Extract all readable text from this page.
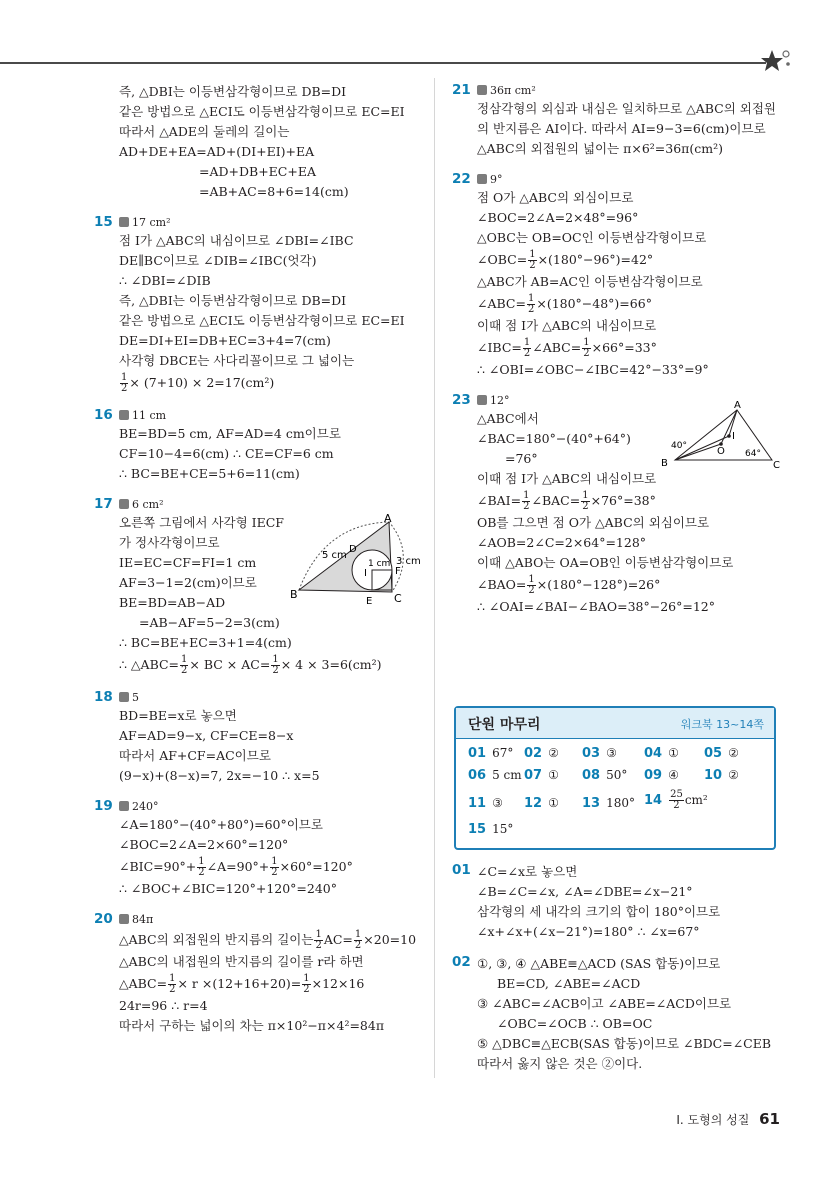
즉, △DBI는 이등변삼각형이므로 DB=DI
같은 방법으로 △ECI도 이등변삼각형이므로 EC=EI
따라서 △ADE의 둘레의 길이는
AD+DE+EA=AD+(DI+EI)+EA
=AD+DB+EC+EA
=AB+AC=8+6=14(cm)
15	17 cm²
점 I가 △ABC의 내심이므로 ∠DBI=∠IBC
DE∥BC이므로 ∠DIB=∠IBC(엇각)
∴ ∠DBI=∠DIB
즉, △DBI는 이등변삼각형이므로 DB=DI
같은 방법으로 △ECI도 이등변삼각형이므로 EC=EI
DE=DI+EI=DB+EC=3+4=7(cm)
사각형 DBCE는 사다리꼴이므로 그 넓이는
$\frac{1}{2} \times (7+10) \times 2=17(cm^2)$
16	11 cm
BE=BD=5 cm, AF=AD=4 cm이므로
CF=10−4=6(cm) ∴ CE=CF=6 cm
∴ BC=BE+CE=5+6=11(cm)
17	6 cm²
오른쪽 그림에서 사각형 IECF
가 정사각형이므로
IE=EC=CF=FI=1 cm
AF=3−1=2(cm)이므로
BE=BD=AB−AD
=AB−AF=5−2=3(cm)
∴ BC=BE+EC=3+1=4(cm)
∴ △ABC= $\frac{1}{2}$ × BC × $AC= \frac{1}{2} \times 4 \times 3=6(cm^2)$
A
B	C
D
E
F
I
5 cm
1 cm 3 cm
18	5
BD=BE=x로 놓으면
AF=AD=9−x, CF=CE=8−x
따라서 AF+CF=AC이므로
(9−x)+(8−x)=7, 2x=−10 ∴ x=5
19	240°
∠A=180°−(40°+80°)=60°이므로
∠BOC=2∠A=2×60°=120°
∠BIC=90°+ $\frac{1}{2}$ ∠A=90°+ $\frac{1}{2} \times 60^\circ=120^\circ$
∴ ∠BOC+∠BIC=120°+120°=240°
20	84π
△ABC의 외접원의 반지름의 길이는 $\frac{1}{2} AC= \frac{1}{2} \times 20=10$
△ABC의 내접원의 반지름의 길이를 r라 하면
△ABC= $\frac{1}{2} \times r \times(12+16+20)= \frac{1}{2} \times 12\times 16$
24r=96 ∴ r=4
따라서 구하는 넓이의 차는 π×10²−π×4²=84π
21	36π cm²
정삼각형의 외심과 내심은 일치하므로 △ABC의 외접원
의 반지름은 AI이다. 따라서 AI=9−3=6(cm)이므로
△ABC의 외접원의 넓이는 π×6²=36π(cm²)
22	9°
점 O가 △ABC의 외심이므로
∠BOC=2∠A=2×48°=96°
△OBC는 OB=OC인 이등변삼각형이므로
∠OBC= $\frac{1}{2} \times(180^\circ-96^\circ)=42^\circ$
△ABC가 AB=AC인 이등변삼각형이므로
∠ABC= $\frac{1}{2} \times(180^\circ-48^\circ)=66^\circ$
이때 점 I가 △ABC의 내심이므로
∠IBC= $\frac{1}{2}$ ∠ABC= $\frac{1}{2} \times 66^\circ=33^\circ$
∴ ∠OBI=∠OBC−∠IBC=42°−33°=9°
23	12°
△ABC에서
∠BAC=180°−(40°+64°)
=76°
이때 점 I가 △ABC의 내심이므로
∠BAI= $\frac{1}{2}$ ∠BAC= $\frac{1}{2} \times 76^\circ=38^\circ$
OB를 그으면 점 O가 △ABC의 외심이므로
∠AOB=2∠C=2×64°=128°
이때 △ABO는 OA=OB인 이등변삼각형이므로
∠BAO= $\frac{1}{2} \times(180^\circ-128^\circ)=26^\circ$
∴ ∠OAI=∠BAI−∠BAO=38°−26°=12°
A
B	C
O
I
40°
64°
단원 마무리	워크북 13~14쪽
01 67° 02 ② 03 ③ 04 ① 05 ②
06 5 cm 07 ① 08 50° 09 ④ 10 ②
11 ③ 12 ① 13 180° $14 \frac{25}{2} cm^2$
15 15°
01 ∠C=∠x로 놓으면
∠B=∠C=∠x, ∠A=∠DBE=∠x−21°
삼각형의 세 내각의 크기의 합이 180°이므로
∠x+∠x+(∠x−21°)=180° ∴ ∠x=67°
02 ①, ③, ④ △ABE≡△ACD (SAS 합동)이므로
BE=CD, ∠ABE=∠ACD
③ ∠ABC=∠ACB이고 ∠ABE=∠ACD이므로
∠OBC=∠OCB ∴ OB=OC
⑤ △DBC≡△ECB(SAS 합동)이므로 ∠BDC=∠CEB
따라서 옳지 않은 것은 ②이다.
I. 도형의 성질 61
